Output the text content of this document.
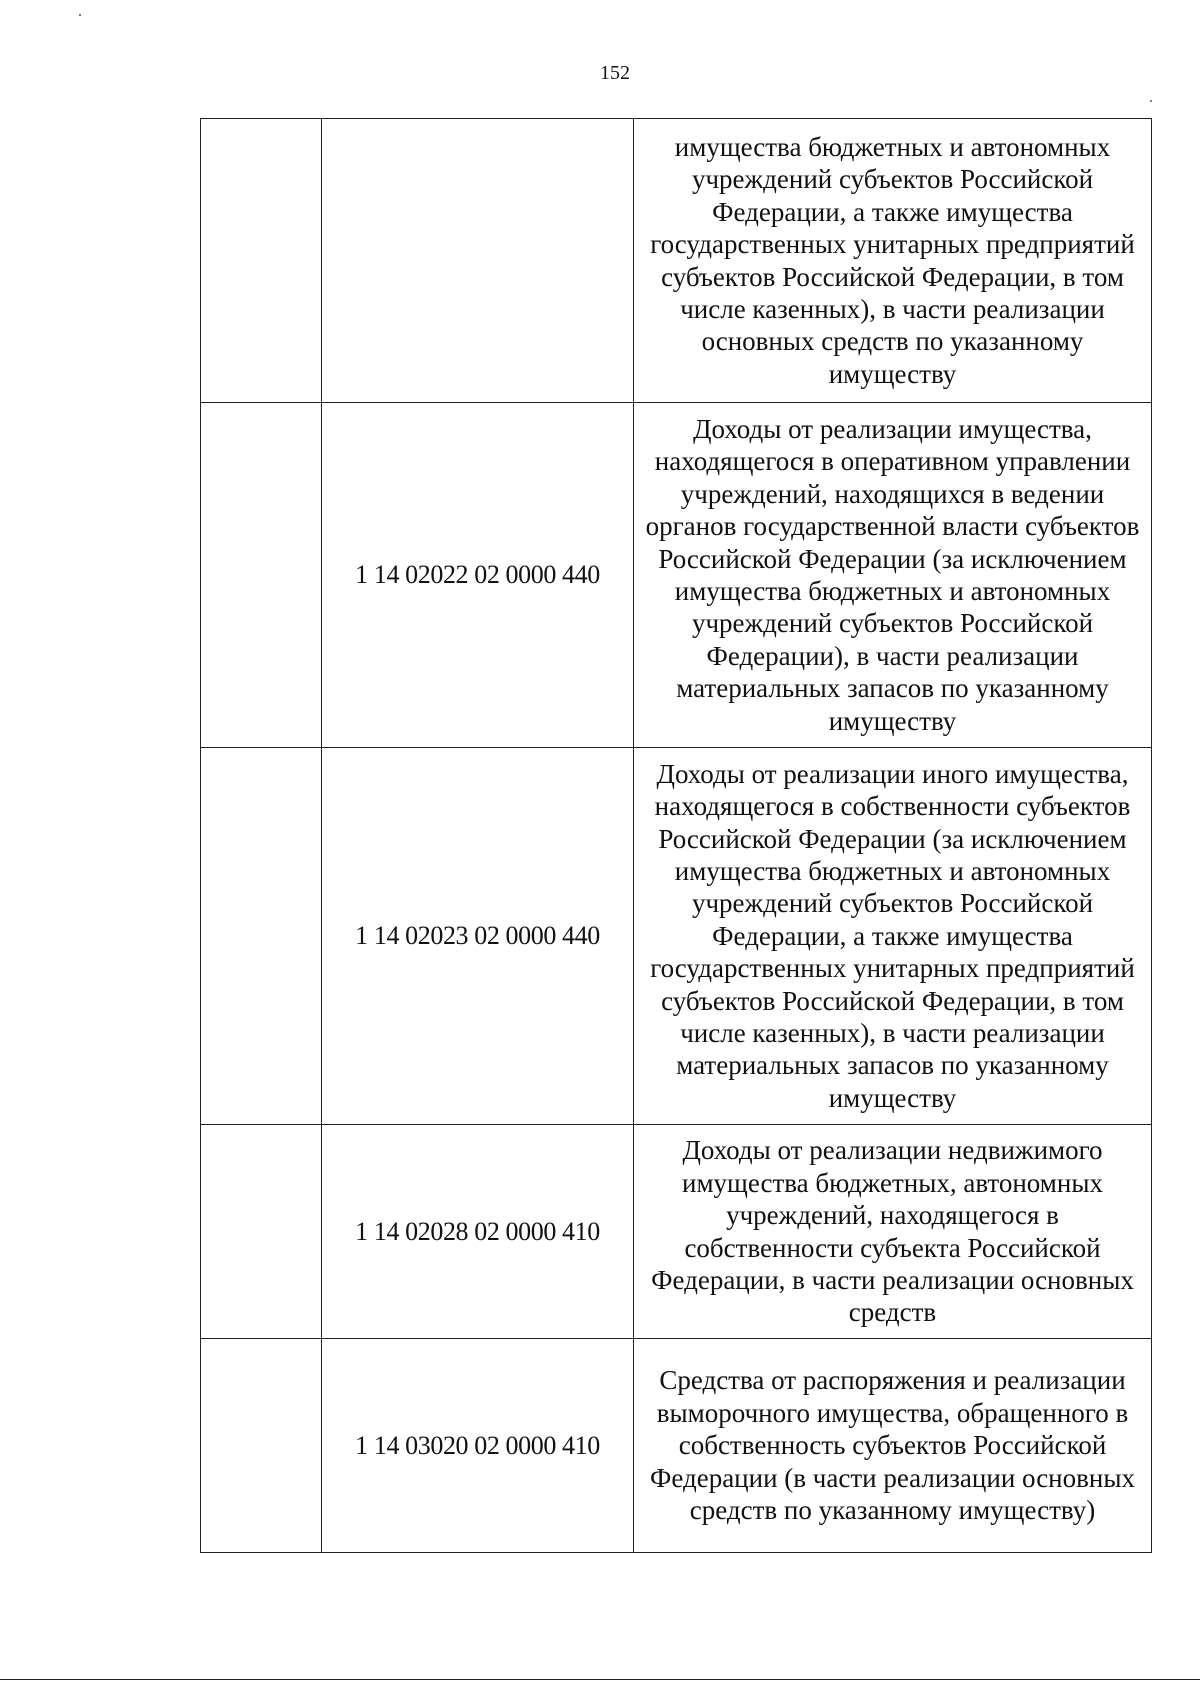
152
		имущества бюджетных и автономных учреждений субъектов Российской Федерации, а также имущества государственных унитарных предприятий субъектов Российской Федерации, в том числе казенных), в части реализации основных средств по указанному имуществу
	1 14 02022 02 0000 440	Доходы от реализации имущества, находящегося в оперативном управлении учреждений, находящихся в ведении органов государственной власти субъектов Российской Федерации (за исключением имущества бюджетных и автономных учреждений субъектов Российской Федерации), в части реализации материальных запасов по указанному имуществу
	1 14 02023 02 0000 440	Доходы от реализации иного имущества, находящегося в собственности субъектов Российской Федерации (за исключением имущества бюджетных и автономных учреждений субъектов Российской Федерации, а также имущества государственных унитарных предприятий субъектов Российской Федерации, в том числе казенных), в части реализации материальных запасов по указанному имуществу
	1 14 02028 02 0000 410	Доходы от реализации недвижимого имущества бюджетных, автономных учреждений, находящегося в собственности субъекта Российской Федерации, в части реализации основных средств
	1 14 03020 02 0000 410	Средства от распоряжения и реализации выморочного имущества, обращенного в собственность субъектов Российской Федерации (в части реализации основных средств по указанному имуществу)
